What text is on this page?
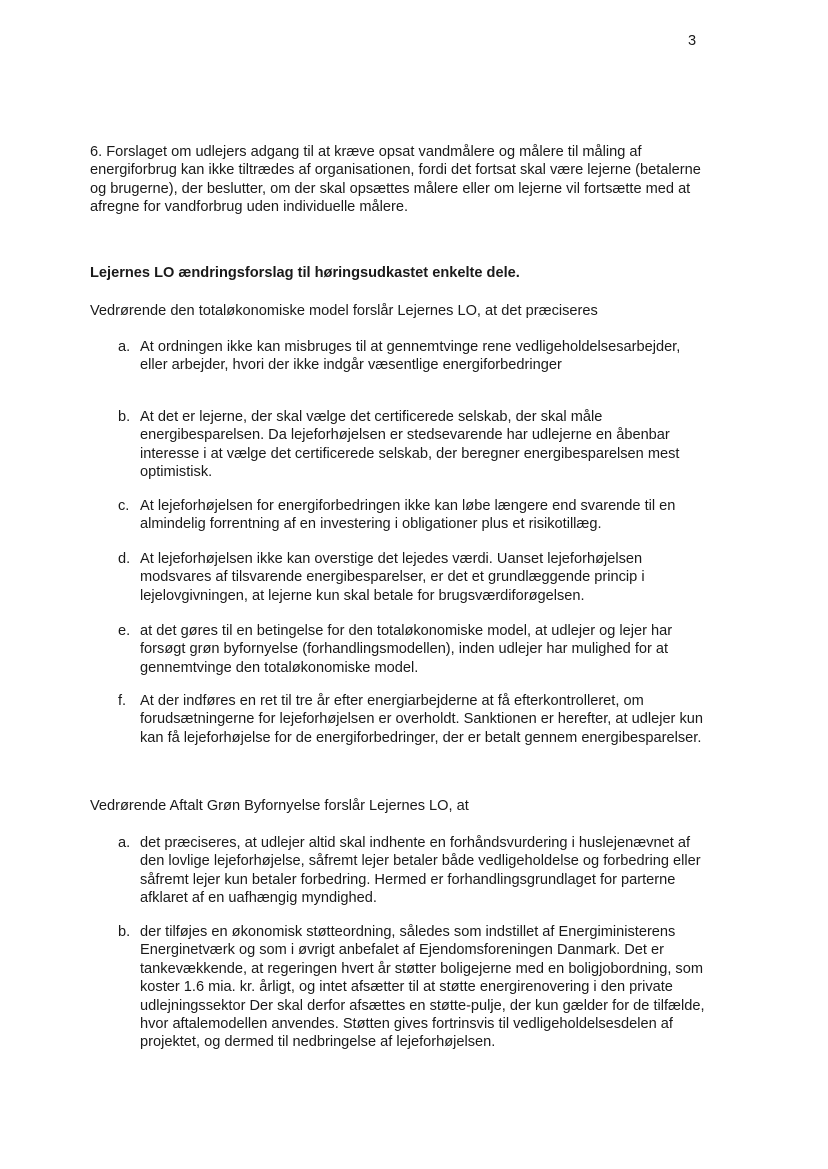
3

6. Forslaget om udlejers adgang til at kræve opsat vandmålere og målere til måling af energiforbrug kan ikke tiltrædes af organisationen, fordi det fortsat skal være lejerne (betalerne og brugerne), der beslutter, om der skal opsættes målere eller om lejerne vil fortsætte med at afregne for vandforbrug uden individuelle målere.

Lejernes LO ændringsforslag til høringsudkastet enkelte dele.

Vedrørende den totaløkonomiske model forslår Lejernes LO, at det præciseres

a. At ordningen ikke kan misbruges til at gennemtvinge rene vedligeholdelsesarbejder, eller arbejder, hvori der ikke indgår væsentlige energiforbedringer
b. At det er lejerne, der skal vælge det certificerede selskab, der skal måle energibesparelsen. Da lejeforhøjelsen er stedsevarende har udlejerne en åbenbar interesse i at vælge det certificerede selskab, der beregner energibesparelsen mest optimistisk.
c. At lejeforhøjelsen for energiforbedringen ikke kan løbe længere end svarende til en almindelig forrentning af en investering i obligationer plus et risikotillæg.
d. At lejeforhøjelsen ikke kan overstige det lejedes værdi. Uanset lejeforhøjelsen modsvares af tilsvarende energibesparelser, er det et grundlæggende princip i lejelovgivningen, at lejerne kun skal betale for brugsværdiforøgelsen.
e. at det gøres til en betingelse for den totaløkonomiske model, at udlejer og lejer har forsøgt grøn byfornyelse (forhandlingsmodellen), inden udlejer har mulighed for at gennemtvinge den totaløkonomiske model.
f. At der indføres en ret til tre år efter energiarbejderne at få efterkontrolleret, om forudsætningerne for lejeforhøjelsen er overholdt. Sanktionen er herefter, at udlejer kun kan få lejeforhøjelse for de energiforbedringer, der er betalt gennem energibesparelser.

Vedrørende Aftalt Grøn Byfornyelse forslår Lejernes LO, at

a. det præciseres, at udlejer altid skal indhente en forhåndsvurdering i huslejenævnet af den lovlige lejeforhøjelse, såfremt lejer betaler både vedligeholdelse og forbedring eller såfremt lejer kun betaler forbedring. Hermed er forhandlingsgrundlaget for parterne afklaret af en uafhængig myndighed.
b. der tilføjes en økonomisk støtteordning, således som indstillet af Energiministerens Energinetværk og som i øvrigt anbefalet af Ejendomsforeningen Danmark. Det er tankevækkende, at regeringen hvert år støtter boligejerne med en boligjobordning, som koster 1.6 mia. kr. årligt, og intet afsætter til at støtte energirenovering i den private udlejningssektor Der skal derfor afsættes en støtte-pulje, der kun gælder for de tilfælde, hvor aftalemodellen anvendes. Støtten gives fortrinsvis til vedligeholdelsesdelen af projektet, og dermed til nedbringelse af lejeforhøjelsen.
